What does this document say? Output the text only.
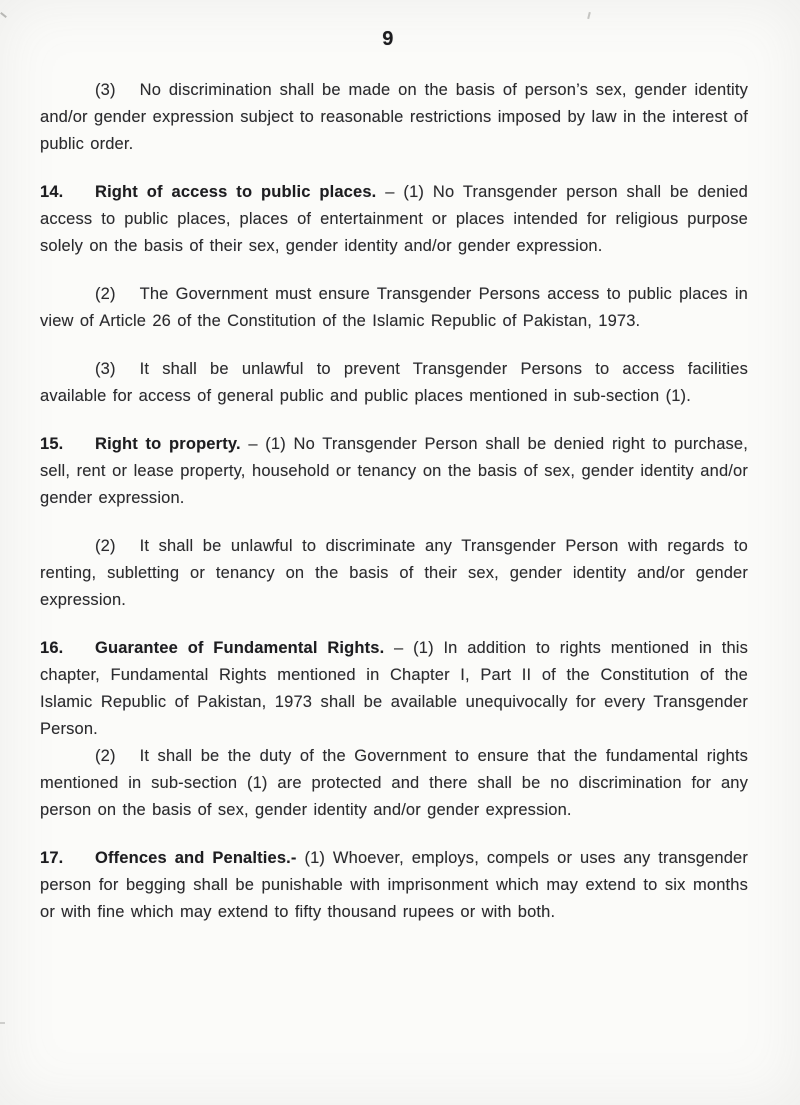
9

(3) No discrimination shall be made on the basis of person’s sex, gender identity and/or gender expression subject to reasonable restrictions imposed by law in the interest of public order.

14. Right of access to public places. – (1) No Transgender person shall be denied access to public places, places of entertainment or places intended for religious purpose solely on the basis of their sex, gender identity and/or gender expression.

(2) The Government must ensure Transgender Persons access to public places in view of Article 26 of the Constitution of the Islamic Republic of Pakistan, 1973.

(3) It shall be unlawful to prevent Transgender Persons to access facilities available for access of general public and public places mentioned in sub-section (1).

15. Right to property. – (1) No Transgender Person shall be denied right to purchase, sell, rent or lease property, household or tenancy on the basis of sex, gender identity and/or gender expression.

(2) It shall be unlawful to discriminate any Transgender Person with regards to renting, subletting or tenancy on the basis of their sex, gender identity and/or gender expression.

16. Guarantee of Fundamental Rights. – (1) In addition to rights mentioned in this chapter, Fundamental Rights mentioned in Chapter I, Part II of the Constitution of the Islamic Republic of Pakistan, 1973 shall be available unequivocally for every Transgender Person.

(2) It shall be the duty of the Government to ensure that the fundamental rights mentioned in sub-section (1) are protected and there shall be no discrimination for any person on the basis of sex, gender identity and/or gender expression.

17. Offences and Penalties.- (1) Whoever, employs, compels or uses any transgender person for begging shall be punishable with imprisonment which may extend to six months or with fine which may extend to fifty thousand rupees or with both.
